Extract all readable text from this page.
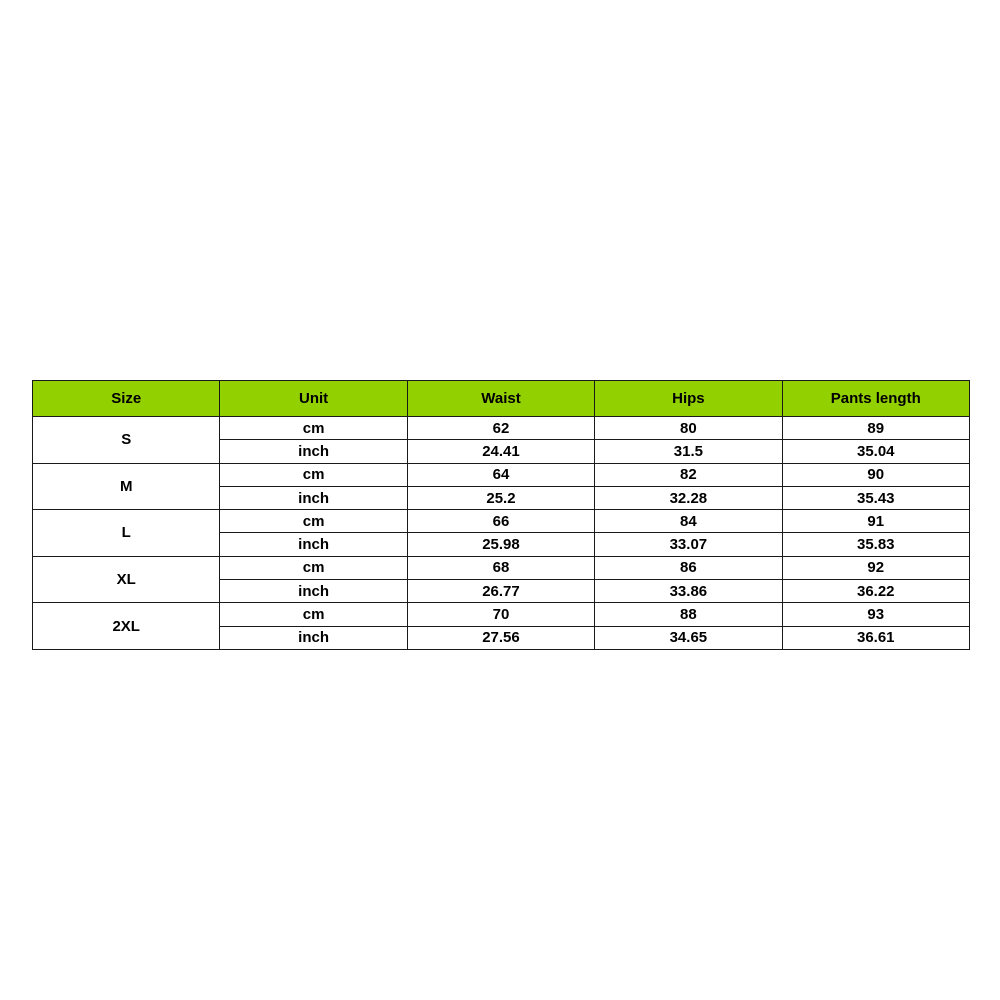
Size	Unit	Waist	Hips	Pants length
S	cm	62	80	89
	inch	24.41	31.5	35.04
M	cm	64	82	90
	inch	25.2	32.28	35.43
L	cm	66	84	91
	inch	25.98	33.07	35.83
XL	cm	68	86	92
	inch	26.77	33.86	36.22
2XL	cm	70	88	93
	inch	27.56	34.65	36.61
